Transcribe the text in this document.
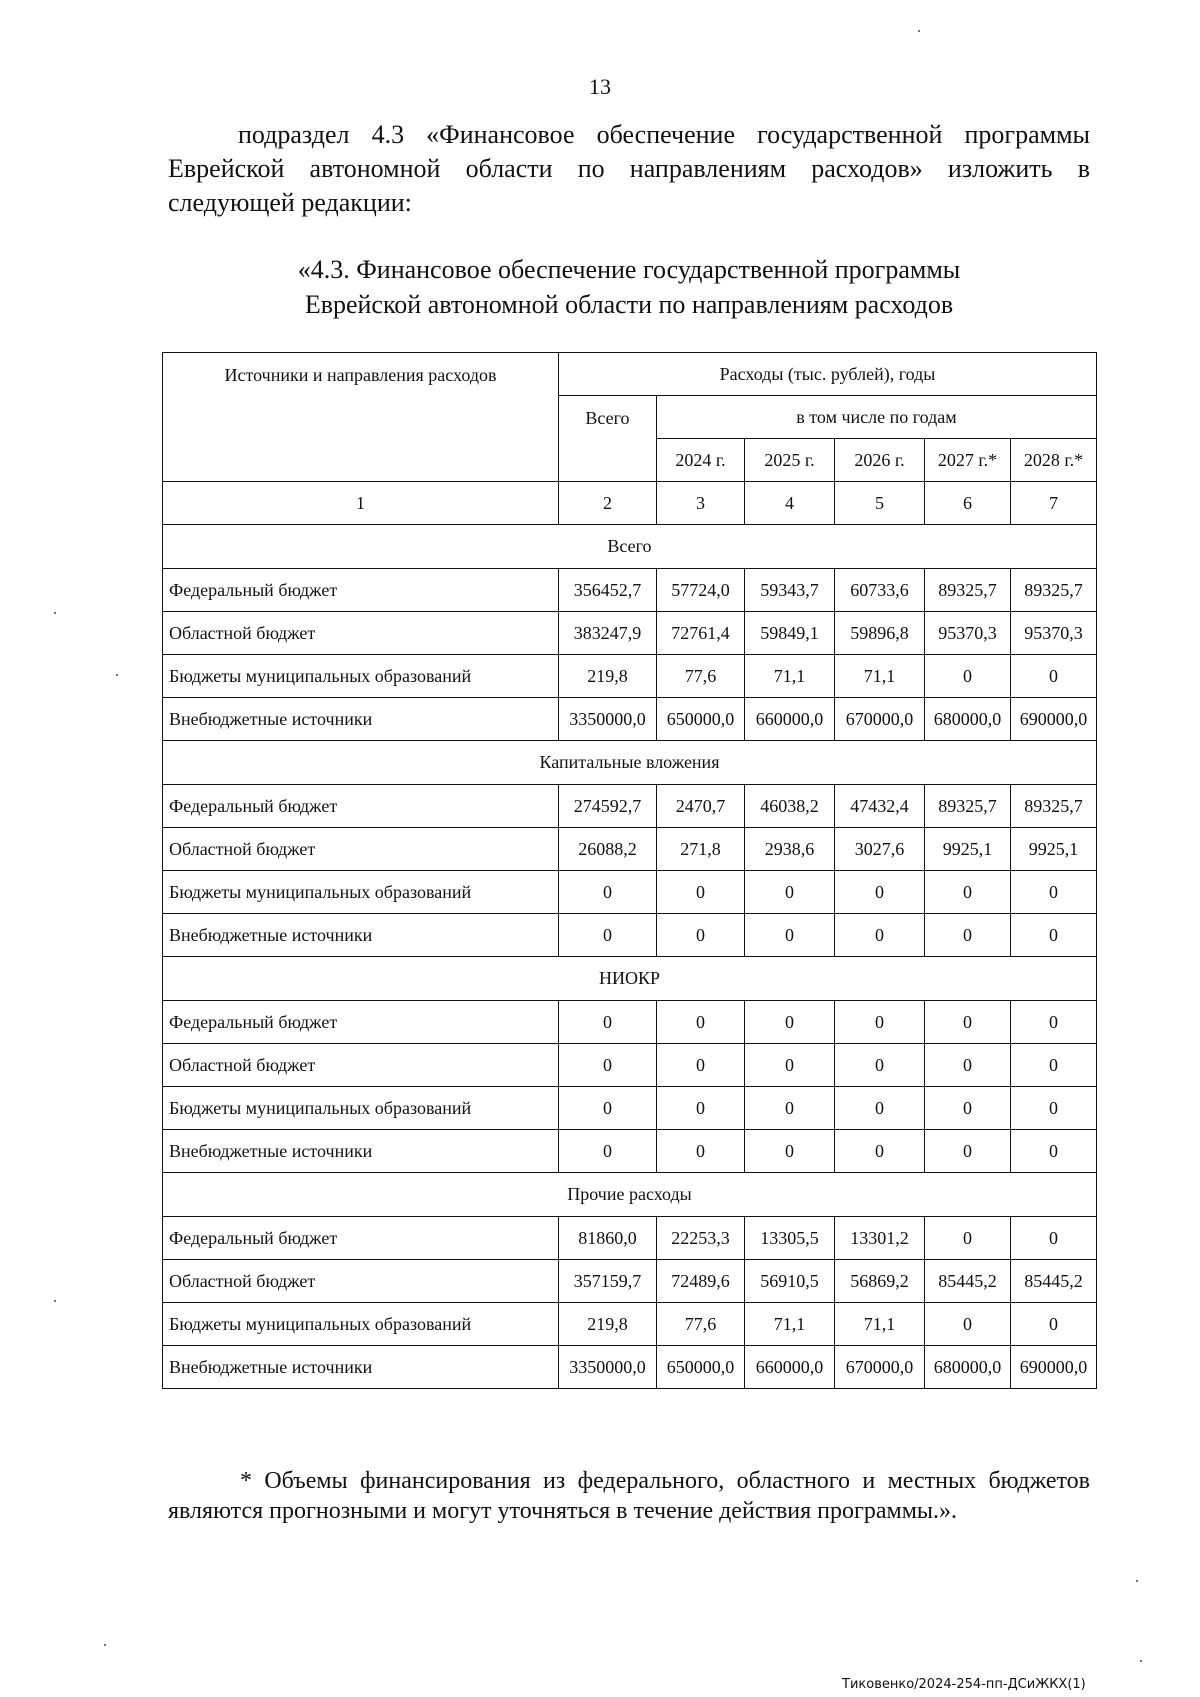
13

подраздел 4.3 «Финансовое обеспечение государственной программы Еврейской автономной области по направлениям расходов» изложить в следующей редакции:

«4.3. Финансовое обеспечение государственной программы
Еврейской автономной области по направлениям расходов
Источники и направления расходов	Расходы (тыс. рублей), годы					
	Всего	в том числе по годам				
		2024 г.	2025 г.	2026 г.	2027 г.*	2028 г.*
1	2	3	4	5	6	7
Всего						
Федеральный бюджет	356452,7	57724,0	59343,7	60733,6	89325,7	89325,7
Областной бюджет	383247,9	72761,4	59849,1	59896,8	95370,3	95370,3
Бюджеты муниципальных образований	219,8	77,6	71,1	71,1	0	0
Внебюджетные источники	3350000,0	650000,0	660000,0	670000,0	680000,0	690000,0
Капитальные вложения						
Федеральный бюджет	274592,7	2470,7	46038,2	47432,4	89325,7	89325,7
Областной бюджет	26088,2	271,8	2938,6	3027,6	9925,1	9925,1
Бюджеты муниципальных образований	0	0	0	0	0	0
Внебюджетные источники	0	0	0	0	0	0
НИОКР						
Федеральный бюджет	0	0	0	0	0	0
Областной бюджет	0	0	0	0	0	0
Бюджеты муниципальных образований	0	0	0	0	0	0
Внебюджетные источники	0	0	0	0	0	0
Прочие расходы						
Федеральный бюджет	81860,0	22253,3	13305,5	13301,2	0	0
Областной бюджет	357159,7	72489,6	56910,5	56869,2	85445,2	85445,2
Бюджеты муниципальных образований	219,8	77,6	71,1	71,1	0	0
Внебюджетные источники	3350000,0	650000,0	660000,0	670000,0	680000,0	690000,0

* Объемы финансирования из федерального, областного и местных бюджетов являются прогнозными и могут уточняться в течение действия программы.».

Тиковенко/2024-254-пп-ДСиЖКХ(1)
